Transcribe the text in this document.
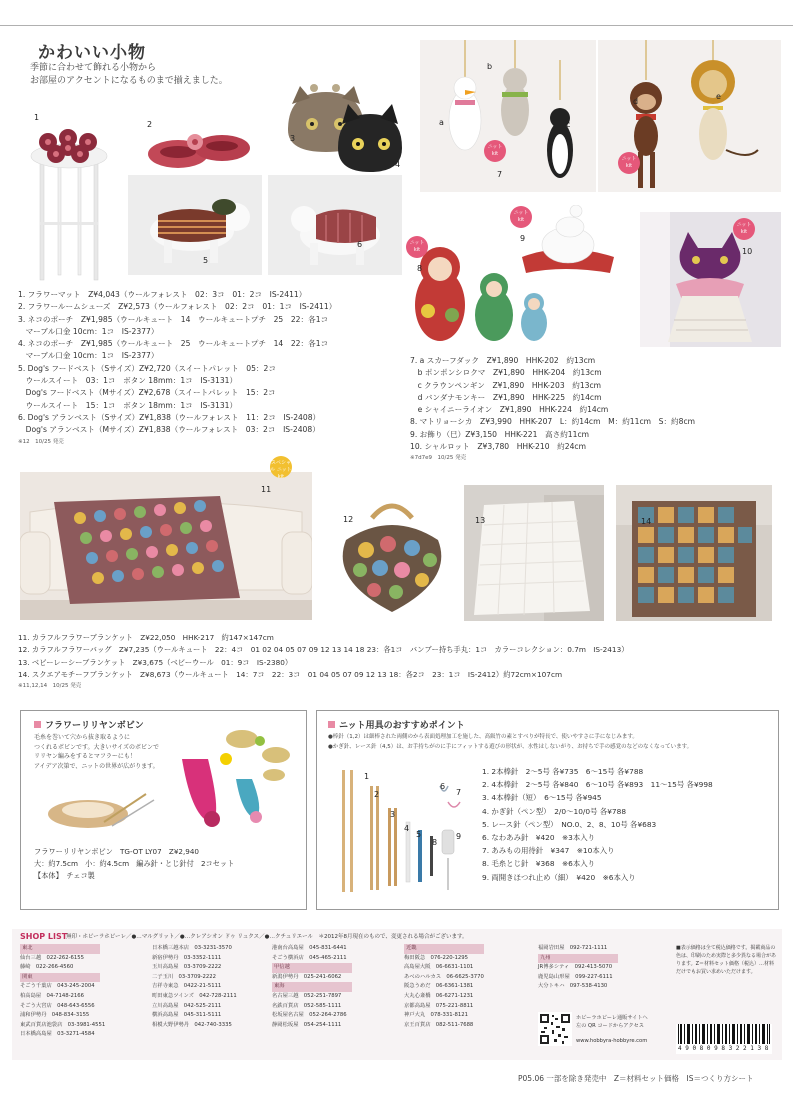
かわいい小物
季節に合わせて飾れる小物から
お部屋のアクセントになるものまで揃えました。
1
2
3
4
5
6
a
b
c
7
ニット kit
d
e
ニット kit
ニット kit
8
ニット kit
9
ニット kit
10
1. フラワーマット　Z¥4,043（ウールフォレスト　02：3コ　01：2コ　IS-2411）
2. フラワールームシューズ　Z¥2,573（ウールフォレスト　02：2コ　01：1コ　IS-2411）
3. ネコのポーチ　Z¥1,985（ウールキュート　14　ウールキュートプチ　25　22：各1コ
　マーブル口金 10cm：1コ　IS-2377）
4. ネコのポーチ　Z¥1,985（ウールキュート　25　ウールキュートプチ　14　22：各1コ
　マーブル口金 10cm：1コ　IS-2377）
5. Dog's フードベスト（Sサイズ）Z¥2,720（スイートパレット　05：2コ
　ウールスイート　03：1コ　ボタン 18mm：1コ　IS-3131）
　Dog's フードベスト（Mサイズ）Z¥2,678（スイートパレット　15：2コ
　ウールスイート　15：1コ　ボタン 18mm：1コ　IS-3131）
6. Dog's アランベスト（Sサイズ）Z¥1,838（ウールフォレスト　11：2コ　IS-2408）
　Dog's アランベスト（Mサイズ）Z¥1,838（ウールフォレスト　03：2コ　IS-2408）
※12　10/25 発売
7. a スカーフダック　Z¥1,890　HHK-202　約13cm
　b ポンポンシロクマ　Z¥1,890　HHK-204　約13cm
　c クラウンペンギン　Z¥1,890　HHK-203　約13cm
　d バンダナモンキー　Z¥1,890　HHK-225　約14cm
　e シャイニーライオン　Z¥1,890　HHK-224　約14cm
8. マトリョーシカ　Z¥3,990　HHK-207　L：約14cm　M：約11cm　S：約8cm
9. お飾り（巳）Z¥3,150　HHK-221　高さ約11cm
10. シャルロット　Z¥3,780　HHK-210　約24cm
※7d7e9　10/25 発売
スペシャル ニット kit
11
12	13	14
11. カラフルフラワーブランケット　Z¥22,050　HHK-217　約147×147cm
12. カラフルフラワーバッグ　Z¥7,235（ウールキュート　22：4コ　01 02 04 05 07 09 12 13 14 18 23：各1コ　バンブー持ち手丸：1コ　カラーコレクション：0.7m　IS-2413）
13. ベビーレーシーブランケット　Z¥3,675（ベビーウール　01：9コ　IS-2380）
14. スクエアモチーフブランケット　Z¥8,673（ウールキュート　14：7コ　22：3コ　01 04 05 07 09 12 13 18：各2コ　23：1コ　IS-2412）約72cm×107cm
※11,12,14　10/25 発売
フラワーリリヤンボビン
毛糸を巻いて穴から抜き取るように
つくれるボビンです。大きいサイズのボビンで
リリヤン編みをするとマフラーにも！
アイデア次第で、ニットの世界が広がります。
フラワーリリヤンボビン　TG-OT LY07　Z¥2,940
大：約7.5cm　小：約4.5cm　編み針・とじ針付　2コセット
【本体】　チェコ製
ニット用具のおすすめポイント
●棒針（1,2）は細棒された両側のから表面処理加工を施した、高級竹の素とすべりが特長で、使いやすさに手になじみます。
●かぎ針、レース針（4,5）は、お手持ちがのに手にフィットする遊びの形状が、水性はしないがり、お持ちで手の感覚のなどのなくなっています。
1
2
3
4
5
6
7
8
9
1. 2本棒針　2〜5号 各¥735　6〜15号 各¥788
2. 4本棒針　2〜5号 各¥840　6〜10号 各¥893　11〜15号 各¥998
3. 4本棒針（短）　6〜15号 各¥945
4. かぎ針（ペン型）　2/0〜10/0号 各¥788
5. レース針（ペン型）　NO.0、2、8、10号 各¥683
6. なわあみ針　¥420　※3本入り
7. あみもの用待針　¥347　※10本入り
8. 毛糸とじ針　¥368　※6本入り
9. 両開きほつれ止め（細）　¥420　※6本入り
SHOP LIST
無印・ホビーラホビーレ／●…マルグリット／●…クレアシオン ドゥ リュクス／●…クチュリエール　＊2012年8月現在のもので、変更される場合がございます。
東北
仙台三越　022-262-6155
藤崎　022-266-4560
関東
そごう千葉店　043-245-2004
柏高島屋　04-7148-2166
そごう大宮店　048-643-6556
浦和伊勢丹　048-834-3155
東武百貨店池袋店　03-3981-4551
日本橋高島屋　03-3271-4584
日本橋三越本店　03-3231-3570
新宿伊勢丹　03-3352-1111
玉川高島屋　03-3709-2222
二子玉川　03-3709-2222
吉祥寺東急　0422-21-5111
町田東急ツインズ　042-728-2111
立川高島屋　042-525-2111
横浜高島屋　045-311-5111
相模大野伊勢丹　042-740-3335
港南台高島屋　045-831-6441
そごう横浜店　045-465-2111
甲信越
新潟伊勢丹　025-241-6062
東海
名古屋三越　052-251-7897
名鉄百貨店　052-585-1111
松坂屋名古屋　052-264-2786
静岡松坂屋　054-254-1111
近畿
梅田阪急　076-220-1295
高島屋大阪　06-6631-1101
あべのハルカス　06-6625-3770
阪急うめだ　06-6361-1381
大丸心斎橋　06-6271-1231
京都高島屋　075-221-8811
神戸大丸　078-331-8121
京王百貨店　082-511-7688
福岡岩田屋　092-721-1111
九州
JR博多シティ　092-413-5070
鹿児島山形屋　099-227-6111
大分トキハ　097-538-4130
ホビーラホビーレ通販サイトへ　左の QR コードからアクセス
www.hobbyra-hobbyre.com
■表示価格は全て税込価格です。掲載商品の色は、印刷のため実際と多少異なる場合があります。Z＝材料セット価格（税込）…材料だけでもお買い求めいただけます。
4 9 0 8 0 9 8 3 2 2 1 3 8
P05.06 一部を除き発売中　Z＝材料セット価格　IS＝つくり方シート
